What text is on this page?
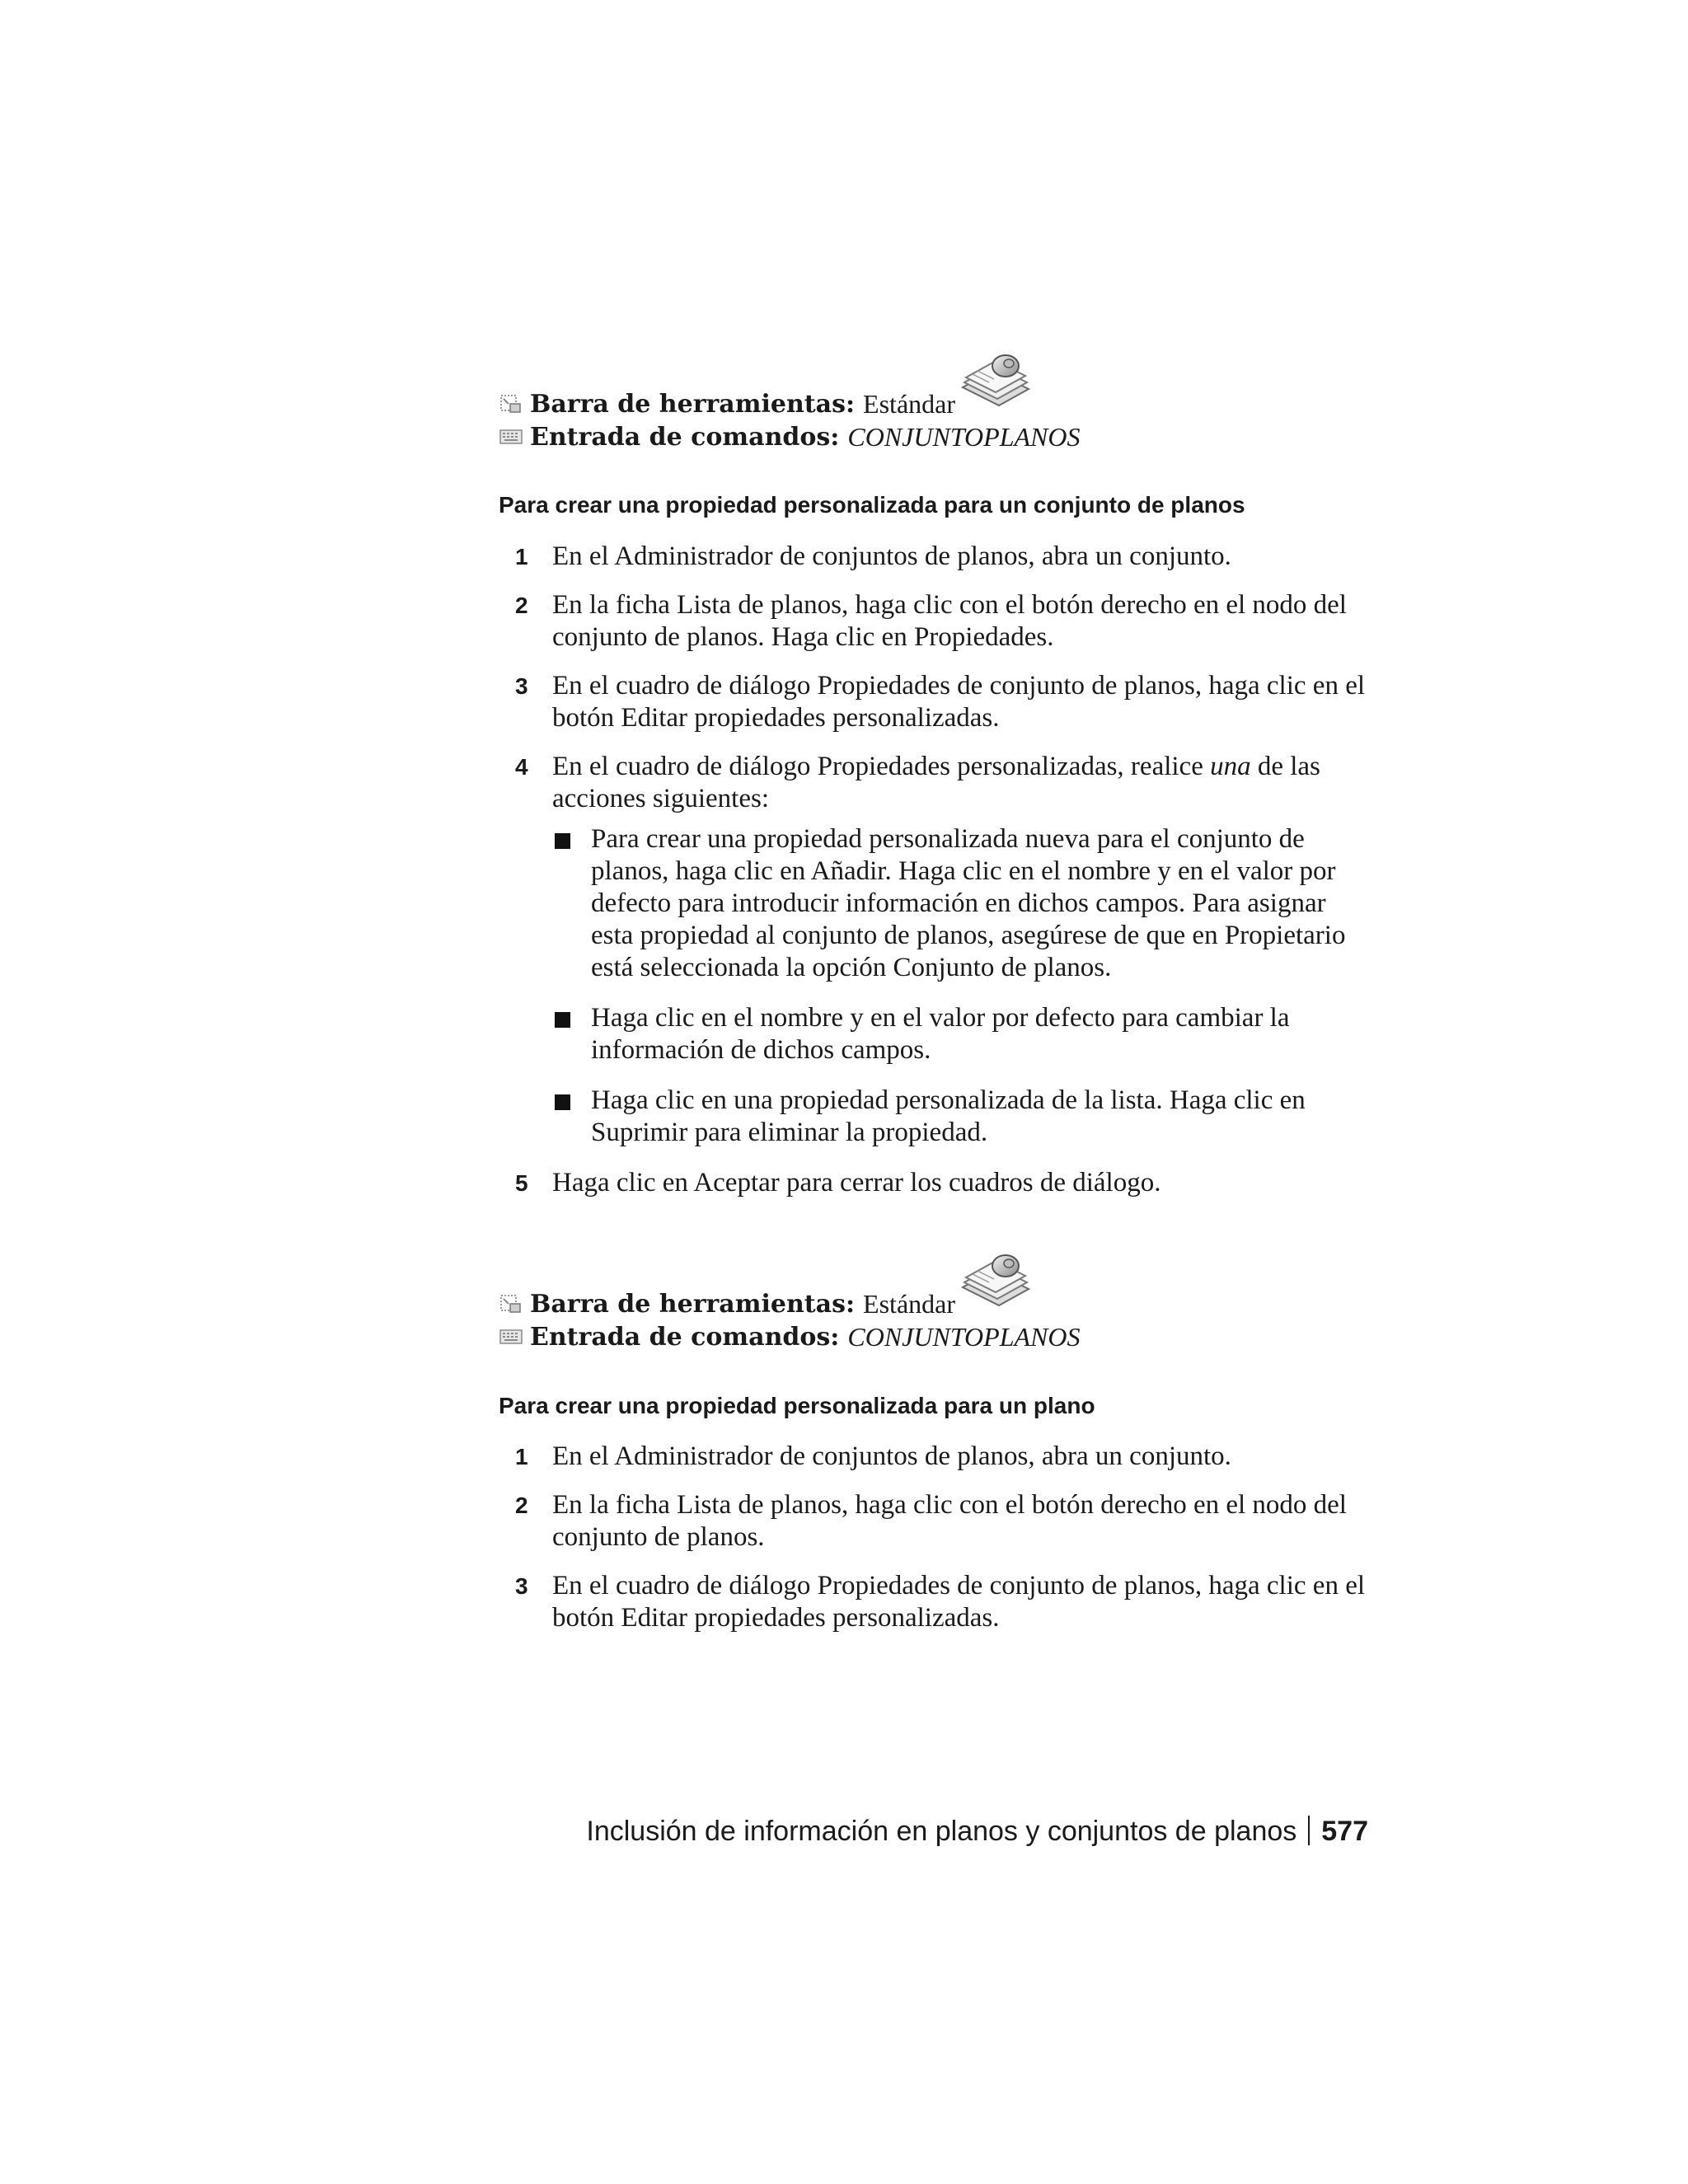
Barra de herramientas: Estándar
Entrada de comandos: CONJUNTOPLANOS
Para crear una propiedad personalizada para un conjunto de planos
1 En el Administrador de conjuntos de planos, abra un conjunto.
2 En la ficha Lista de planos, haga clic con el botón derecho en el nodo del conjunto de planos. Haga clic en Propiedades.
3 En el cuadro de diálogo Propiedades de conjunto de planos, haga clic en el botón Editar propiedades personalizadas.
4 En el cuadro de diálogo Propiedades personalizadas, realice una de las acciones siguientes:
Para crear una propiedad personalizada nueva para el conjunto de planos, haga clic en Añadir. Haga clic en el nombre y en el valor por defecto para introducir información en dichos campos. Para asignar esta propiedad al conjunto de planos, asegúrese de que en Propietario está seleccionada la opción Conjunto de planos.
Haga clic en el nombre y en el valor por defecto para cambiar la información de dichos campos.
Haga clic en una propiedad personalizada de la lista. Haga clic en Suprimir para eliminar la propiedad.
5 Haga clic en Aceptar para cerrar los cuadros de diálogo.
Barra de herramientas: Estándar
Entrada de comandos: CONJUNTOPLANOS
Para crear una propiedad personalizada para un plano
1 En el Administrador de conjuntos de planos, abra un conjunto.
2 En la ficha Lista de planos, haga clic con el botón derecho en el nodo del conjunto de planos.
3 En el cuadro de diálogo Propiedades de conjunto de planos, haga clic en el botón Editar propiedades personalizadas.
Inclusión de información en planos y conjuntos de planos 577
